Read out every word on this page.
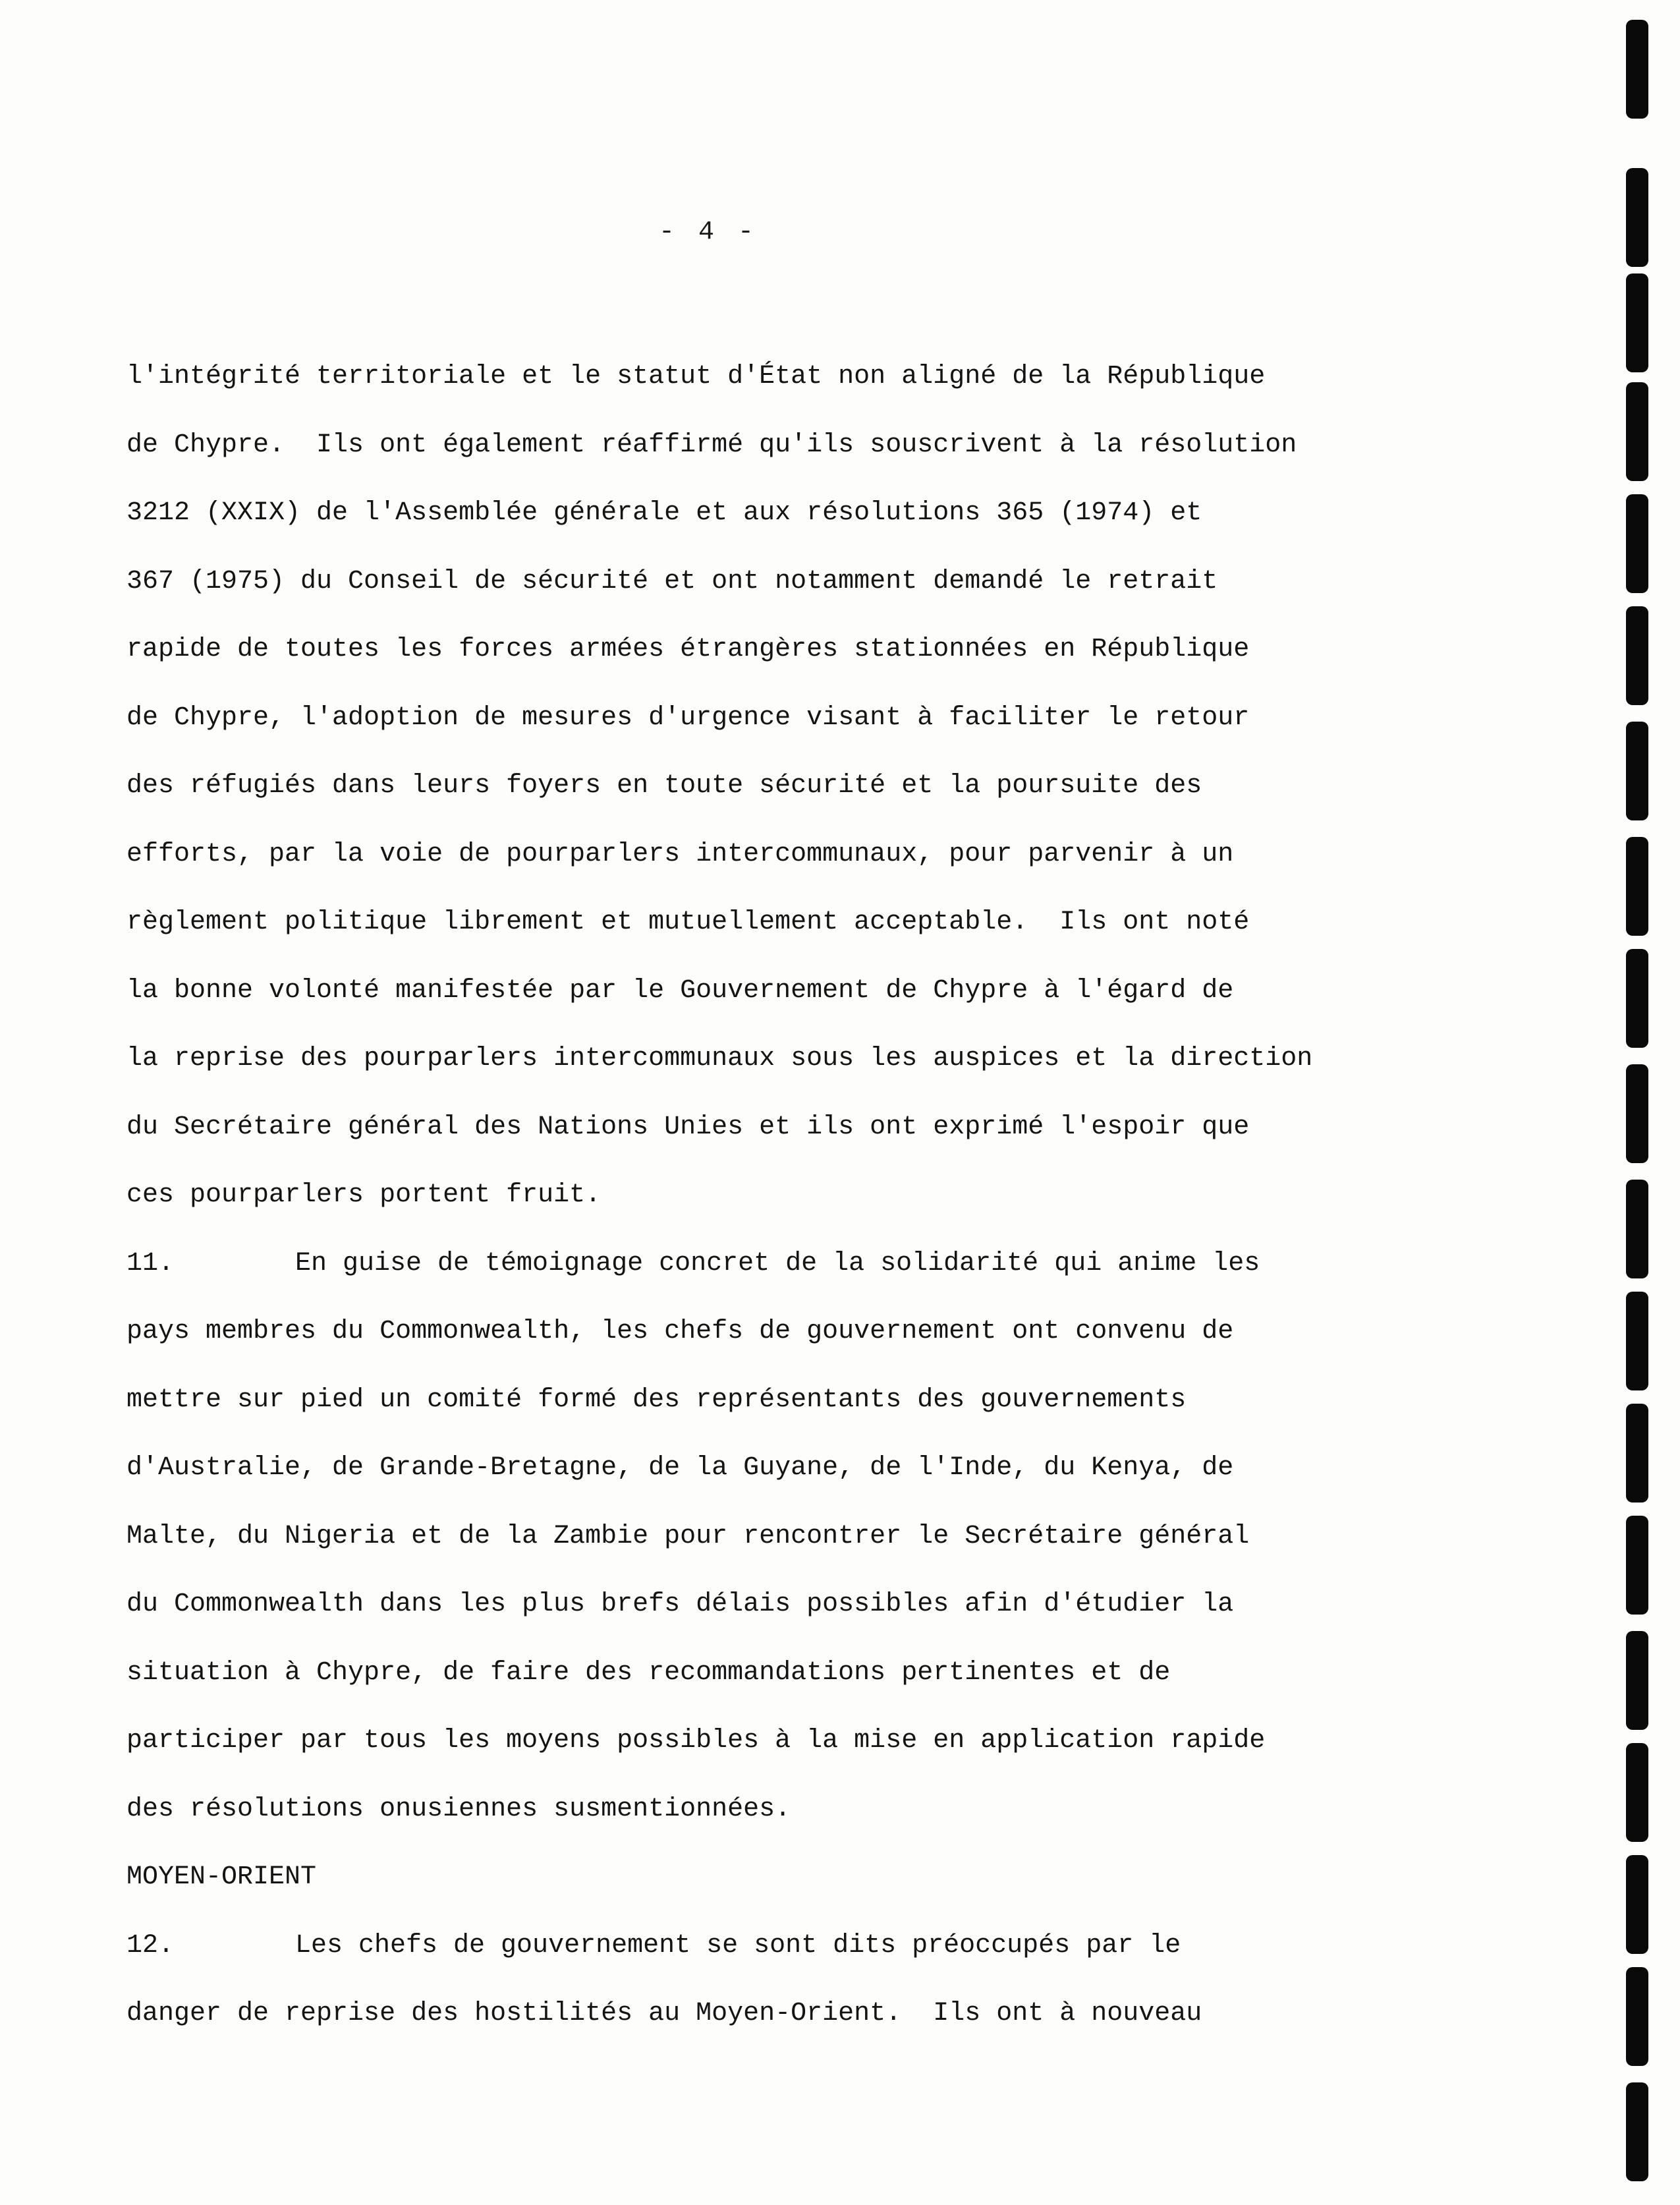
- 4 -
l'intégrité territoriale et le statut d'État non aligné de la République
de Chypre.  Ils ont également réaffirmé qu'ils souscrivent à la résolution
3212 (XXIX) de l'Assemblée générale et aux résolutions 365 (1974) et
367 (1975) du Conseil de sécurité et ont notamment demandé le retrait
rapide de toutes les forces armées étrangères stationnées en République
de Chypre, l'adoption de mesures d'urgence visant à faciliter le retour
des réfugiés dans leurs foyers en toute sécurité et la poursuite des
efforts, par la voie de pourparlers intercommunaux, pour parvenir à un
règlement politique librement et mutuellement acceptable.  Ils ont noté
la bonne volonté manifestée par le Gouvernement de Chypre à l'égard de
la reprise des pourparlers intercommunaux sous les auspices et la direction
du Secrétaire général des Nations Unies et ils ont exprimé l'espoir que
ces pourparlers portent fruit.
11.	En guise de témoignage concret de la solidarité qui anime les
pays membres du Commonwealth, les chefs de gouvernement ont convenu de
mettre sur pied un comité formé des représentants des gouvernements
d'Australie, de Grande-Bretagne, de la Guyane, de l'Inde, du Kenya, de
Malte, du Nigeria et de la Zambie pour rencontrer le Secrétaire général
du Commonwealth dans les plus brefs délais possibles afin d'étudier la
situation à Chypre, de faire des recommandations pertinentes et de
participer par tous les moyens possibles à la mise en application rapide
des résolutions onusiennes susmentionnées.
MOYEN-ORIENT
12.	Les chefs de gouvernement se sont dits préoccupés par le
danger de reprise des hostilités au Moyen-Orient.  Ils ont à nouveau
